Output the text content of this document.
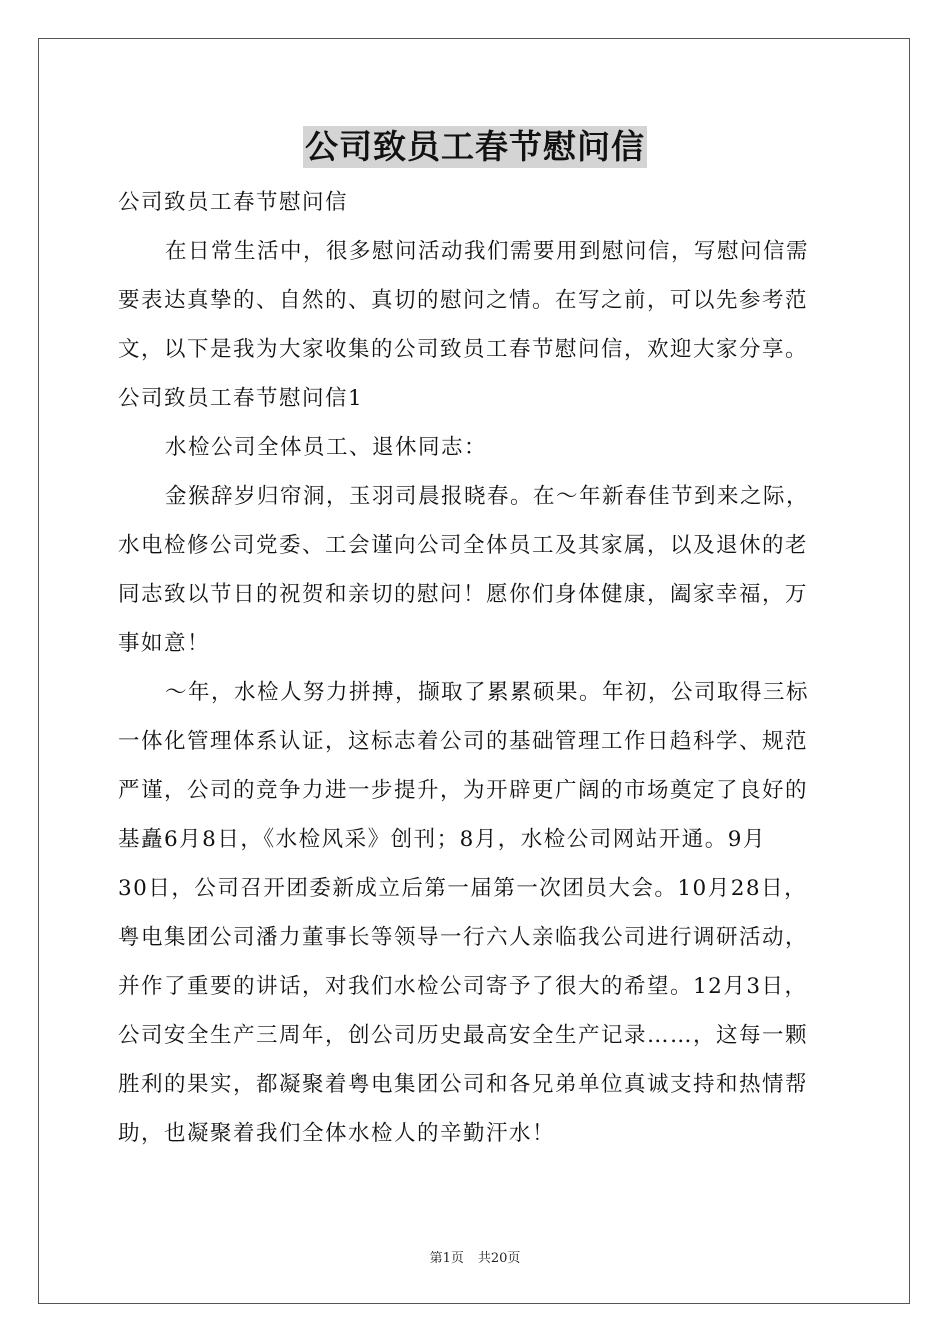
公司致员工春节慰问信
公司致员工春节慰问信
在日常生活中，很多慰问活动我们需要用到慰问信，写慰问信需
要表达真挚的、自然的、真切的慰问之情。在写之前，可以先参考范
文，以下是我为大家收集的公司致员工春节慰问信，欢迎大家分享。
公司致员工春节慰问信1
水检公司全体员工、退休同志：
金猴辞岁归帘洞，玉羽司晨报晓春。在～年新春佳节到来之际，
水电检修公司党委、工会谨向公司全体员工及其家属，以及退休的老
同志致以节日的祝贺和亲切的慰问！愿你们身体健康，阖家幸福，万
事如意！
～年，水检人努力拼搏，撷取了累累硕果。年初，公司取得三标
一体化管理体系认证，这标志着公司的基础管理工作日趋科学、规范
严谨，公司的竞争力进一步提升，为开辟更广阔的市场奠定了良好的
基矗6月8日，《水检风采》创刊；8月，水检公司网站开通。9月
30日，公司召开团委新成立后第一届第一次团员大会。10月28日，
粤电集团公司潘力董事长等领导一行六人亲临我公司进行调研活动，
并作了重要的讲话，对我们水检公司寄予了很大的希望。12月3日，
公司安全生产三周年，创公司历史最高安全生产记录……，这每一颗
胜利的果实，都凝聚着粤电集团公司和各兄弟单位真诚支持和热情帮
助，也凝聚着我们全体水检人的辛勤汗水！
第1页 共20页
